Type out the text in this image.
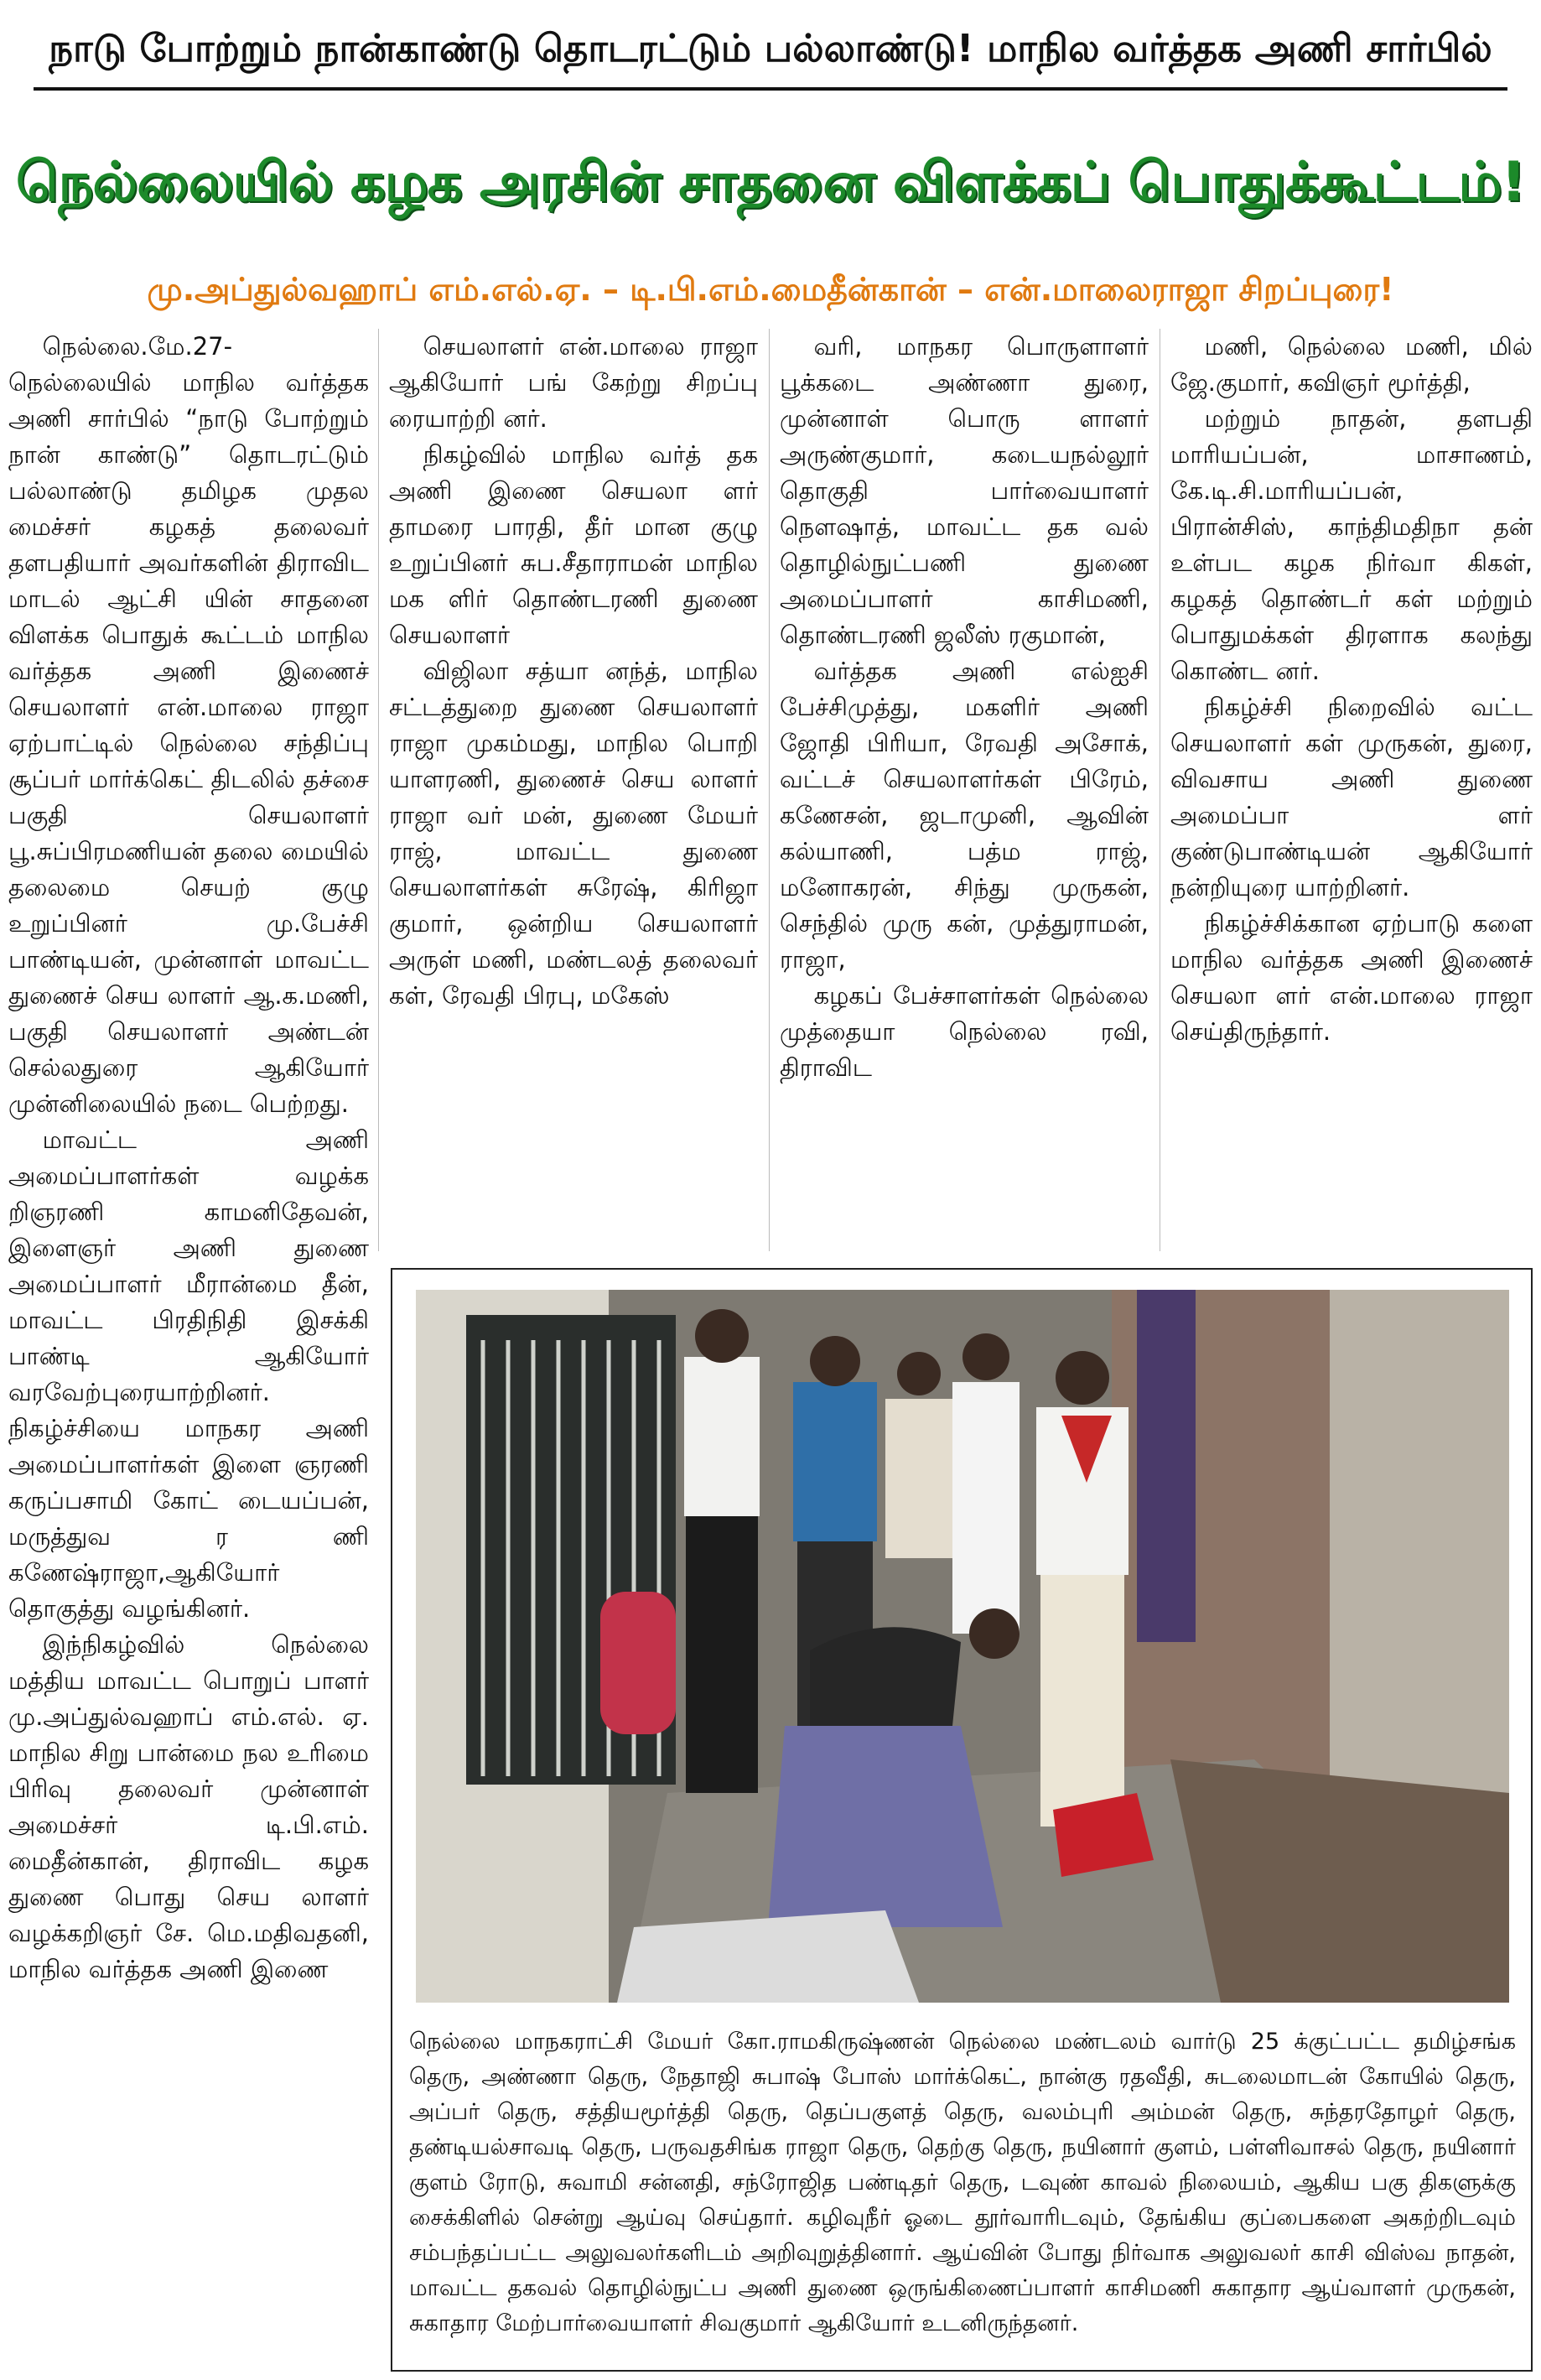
நாடு போற்றும் நான்காண்டு தொடரட்டும் பல்லாண்டு! மாநில வர்த்தக அணி சார்பில்
நெல்லையில் கழக அரசின் சாதனை விளக்கப் பொதுக்கூட்டம்!
மு.அப்துல்வஹாப் எம்.எல்.ஏ. – டி.பி.எம்.மைதீன்கான் – என்.மாலைராஜா சிறப்புரை!

நெல்லை.மே.27- நெல்லையில் மாநில வர்த்தக அணி சார்பில் “நாடு போற்றும் நான் காண்டு” தொடரட்டும் பல்லாண்டு தமிழக முதல மைச்சர் கழகத் தலைவர் தளபதியார் அவர்களின் திராவிட மாடல் ஆட்சி யின் சாதனை விளக்க பொதுக் கூட்டம் மாநில வர்த்தக அணி இணைச் செயலாளர் என்.மாலை ராஜா ஏற்பாட்டில் நெல்லை சந்திப்பு சூப்பர் மார்க்கெட் திடலில் தச்சை பகுதி செயலாளர் பூ.சுப்பிரமணியன் தலை மையில் தலைமை செயற் குழு உறுப்பினர் மு.பேச்சி பாண்டியன், முன்னாள் மாவட்ட துணைச் செய லாளர் ஆ.க.மணி, பகுதி செயலாளர் அண்டன் செல்லதுரை ஆகியோர் முன்னிலையில் நடை பெற்றது.

மாவட்ட அணி அமைப்பாளர்கள் வழக்க றிஞரணி காமனிதேவன், இளைஞர் அணி துணை அமைப்பாளர் மீரான்மை தீன், மாவட்ட பிரதிநிதி இசக்கி பாண்டி ஆகியோர் வரவேற்புரையாற்றினர். நிகழ்ச்சியை மாநகர அணி அமைப்பாளர்கள் இளை ஞரணி கருப்பசாமி கோட் டையப்பன், மருத்துவ ர ணி கணேஷ்ராஜா,ஆகியோர் தொகுத்து வழங்கினர்.

இந்நிகழ்வில் நெல்லை மத்திய மாவட்ட பொறுப் பாளர் மு.அப்துல்வஹாப் எம்.எல். ஏ. மாநில சிறு பான்மை நல உரிமை பிரிவு தலைவர் முன்னாள் அமைச்சர் டி.பி.எம். மைதீன்கான், திராவிட கழக துணை பொது செய லாளர் வழக்கறிஞர் சே. மெ.மதிவதனி, மாநில வர்த்தக அணி இணை

செயலாளர் என்.மாலை ராஜா ஆகியோர் பங் கேற்று சிறப்பு ரையாற்றி னர்.

நிகழ்வில் மாநில வர்த் தக அணி இணை செயலா ளர் தாமரை பாரதி, தீர் மான குழு உறுப்பினர் சுப.சீதாராமன் மாநில மக ளிர் தொண்டரணி துணை செயலாளர்

விஜிலா சத்யா னந்த், மாநில சட்டத்துறை துணை செயலாளர் ராஜா முகம்மது, மாநில பொறி யாளரணி, துணைச் செய லாளர் ராஜா வர் மன், துணை மேயர் ராஜ், மாவட்ட துணை செயலாளர்கள் சுரேஷ், கிரிஜா குமார், ஒன்றிய செயலாளர் அருள் மணி, மண்டலத் தலைவர் கள், ரேவதி பிரபு, மகேஸ்

வரி, மாநகர பொருளாளர் பூக்கடை அண்ணா துரை, முன்னாள் பொரு ளாளர் அருண்குமார், கடையநல்லூர் தொகுதி பார்வையாளர் நௌஷாத், மாவட்ட தக வல் தொழில்நுட்பணி துணை அமைப்பாளர் காசிமணி, தொண்டரணி ஜலீஸ் ரகுமான்,

வர்த்தக அணி எல்ஐசி பேச்சிமுத்து, மகளிர் அணி ஜோதி பிரியா, ரேவதி அசோக், வட்டச் செயலாளர்கள் பிரேம், கணேசன், ஜடாமுனி, ஆவின் கல்யாணி, பத்ம ராஜ், மனோகரன், சிந்து முருகன், செந்தில் முரு கன், முத்துராமன், ராஜா,

கழகப் பேச்சாளர்கள் நெல்லை முத்தையா நெல்லை ரவி, திராவிட

மணி, நெல்லை மணி, மில் ஜே.குமார், கவிஞர் மூர்த்தி,

மற்றும் நாதன், தளபதி மாரியப்பன், மாசாணம், கே.டி.சி.மாரியப்பன், பிரான்சிஸ், காந்திமதிநா தன் உள்பட கழக நிர்வா கிகள், கழகத் தொண்டர் கள் மற்றும் பொதுமக்கள் திரளாக கலந்து கொண்ட னர்.

நிகழ்ச்சி நிறைவில் வட்ட செயலாளர் கள் முருகன், துரை, விவசாய அணி துணை அமைப்பா ளர் குண்டுபாண்டியன் ஆகியோர் நன்றியுரை யாற்றினர்.

நிகழ்ச்சிக்கான ஏற்பாடு களை மாநில வர்த்தக அணி இணைச் செயலா ளர் என்.மாலை ராஜா செய்திருந்தார்.

நெல்லை மாநகராட்சி மேயர் கோ.ராமகிருஷ்ணன் நெல்லை மண்டலம் வார்டு 25 க்குட்பட்ட தமிழ்சங்க தெரு, அண்ணா தெரு, நேதாஜி சுபாஷ் போஸ் மார்க்கெட், நான்கு ரதவீதி, சுடலைமாடன் கோயில் தெரு, அப்பர் தெரு, சத்தியமூர்த்தி தெரு, தெப்பகுளத் தெரு, வலம்புரி அம்மன் தெரு, சுந்தரதோழர் தெரு, தண்டியல்சாவடி தெரு, பருவதசிங்க ராஜா தெரு, தெற்கு தெரு, நயினார் குளம், பள்ளிவாசல் தெரு, நயினார் குளம் ரோடு, சுவாமி சன்னதி, சந்ரோஜித பண்டிதர் தெரு, டவுண் காவல் நிலையம், ஆகிய பகு திகளுக்கு சைக்கிளில் சென்று ஆய்வு செய்தார். கழிவுநீர் ஓடை தூர்வாரிடவும், தேங்கிய குப்பைகளை அகற்றிடவும் சம்பந்தப்பட்ட அலுவலர்களிடம் அறிவுறுத்தினார். ஆய்வின் போது நிர்வாக அலுவலர் காசி விஸ்வ நாதன், மாவட்ட தகவல் தொழில்நுட்ப அணி துணை ஒருங்கிணைப்பாளர் காசிமணி சுகாதார ஆய்வாளர் முருகன், சுகாதார மேற்பார்வையாளர் சிவகுமார் ஆகியோர் உடனிருந்தனர்.
